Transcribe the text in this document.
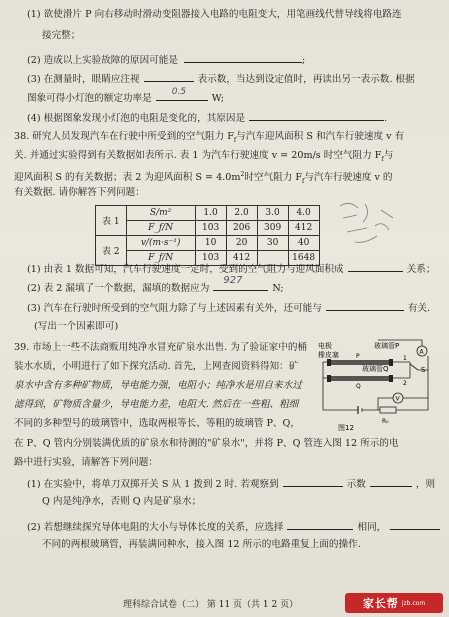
(1) 欲使滑片 P 向右移动时滑动变阻器接入电路的电阻变大，用笔画线代替导线将电路连
接完整；
(2) 造成以上实验故障的原因可能是	;
(3) 在测量时，眼睛应注视	表示数，当达到设定值时，再读出另一表示数. 根据
图象可得小灯泡的额定功率是
0.5
W;
(4) 根据图象发现小灯泡的电阻是变化的，其原因是	.
38. 研究人员发现汽车在行驶中所受到的空气阻力 $F_f$与汽车迎风面积 S 和汽车行驶速度 v 有
关. 并通过实验得到有关数据如表所示. 表 1 为汽车行驶速度 v = 20m/s 时空气阻力 $F_f$与
迎风面积 S 的有关数据；表 2 为迎风面积 $S = 4.0m^2$时空气阻力 $F_f$与汽车行驶速度 v 的
有关数据. 请你解答下列问题：
表 1	S/m²	1.0	2.0	3.0	4.0
	F_f/N	103	206	309	412
表 2	v/(m·s⁻¹)	10	20	30	40
	F_f/N	103	412		1648
(1) 由表 1 数据可知，汽车行驶速度一定时，受到的空气阻力与迎风面积成	关系；
(2) 表 2 漏填了一个数据，漏填的数据应为
927
N;
(3) 汽车在行驶时所受到的空气阻力除了与上述因素有关外，还可能与	有关.
(写出一个因素即可)
39. 市场上一些不法商贩用纯净水冒充矿泉水出售. 为了验证家中的桶
装水水质，小明进行了如下探究活动. 首先，上网查阅资料得知：矿
泉水中含有多种矿物质，导电能力强，电阻小；纯净水是用自来水过
滤得到，矿物质含量少，导电能力差，电阻大. 然后在一些粗、粗细
不同的多种型号的玻璃管中，选取两根等长、等粗的玻璃管 P、Q，
在 P、Q 管内分别装满优质的矿泉水和待测的"矿泉水"，并将 P、Q 管连入图 12 所示的电
路中进行实验，请解答下列问题：
电极
橡皮塞
玻璃管P
玻璃管Q
P
Q
1
2
S
A
V
R₀
图12
(1) 在实验中，将单刀双掷开关 S 从 1 拨到 2 时. 若观察到	示数	，则
Q 内是纯净水，否则 Q 内是矿泉水；
(2) 若想继续探究导体电阻的大小与导体长度的关系，应选择	相同，
不同的两根玻璃管，再装满同种水，接入图 12 所示的电路重复上面的操作.
理科综合试卷（二） 第 11 页（共 1 2 页）	家长帮 jzb.com
